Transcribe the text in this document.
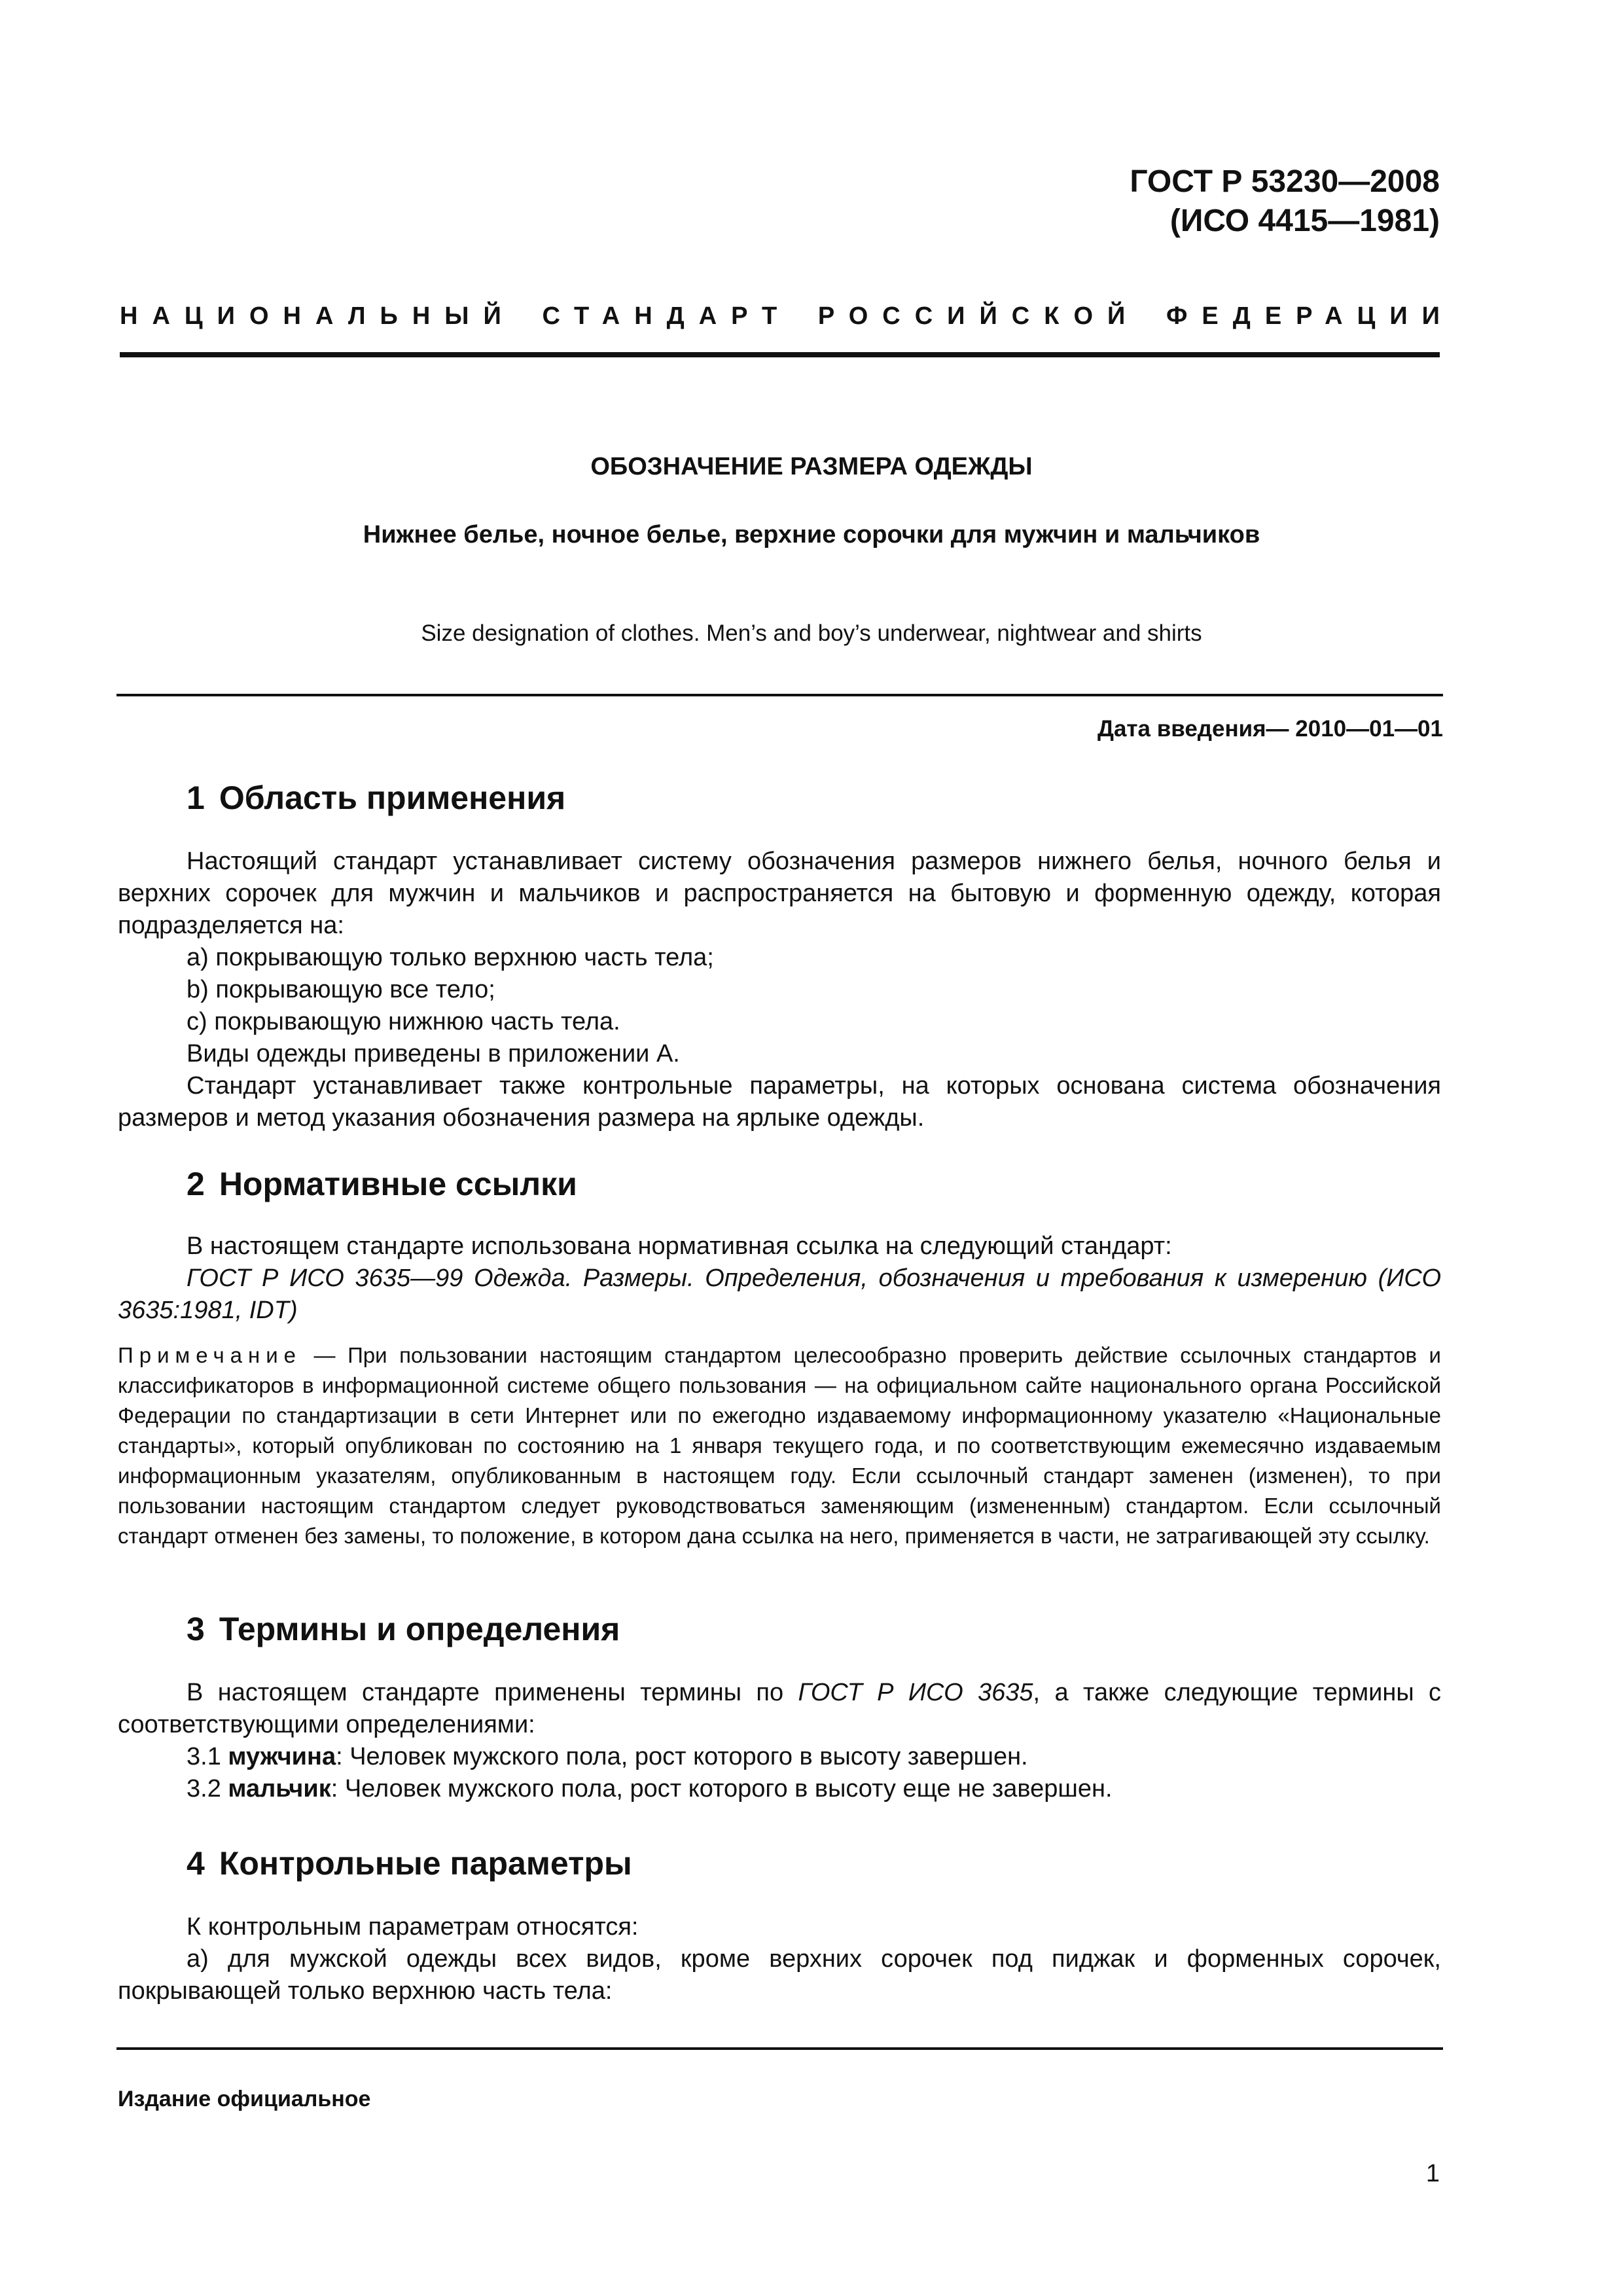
ГОСТ Р 53230—2008
(ИСО 4415—1981)
НАЦИОНАЛЬНЫЙ СТАНДАРТ РОССИЙСКОЙ ФЕДЕРАЦИИ
ОБОЗНАЧЕНИЕ РАЗМЕРА ОДЕЖДЫ
Нижнее белье, ночное белье, верхние сорочки для мужчин и мальчиков
Size designation of clothes. Men’s and boy’s underwear, nightwear and shirts
Дата введения— 2010—01—01
1 Область применения

Настоящий стандарт устанавливает систему обозначения размеров нижнего белья, ночного белья и верхних сорочек для мужчин и мальчиков и распространяется на бытовую и форменную одежду, которая подразделяется на:

a) покрывающую только верхнюю часть тела;

b) покрывающую все тело;

c) покрывающую нижнюю часть тела.

Виды одежды приведены в приложении А.

Стандарт устанавливает также контрольные параметры, на которых основана система обозначения размеров и метод указания обозначения размера на ярлыке одежды.

2 Нормативные ссылки

В настоящем стандарте использована нормативная ссылка на следующий стандарт:

ГОСТ Р ИСО 3635—99 Одежда. Размеры. Определения, обозначения и требования к измерению (ИСО 3635:1981, IDT)

Примечание — При пользовании настоящим стандартом целесообразно проверить действие ссылочных стандартов и классификаторов в информационной системе общего пользования — на официальном сайте национального органа Российской Федерации по стандартизации в сети Интернет или по ежегодно издаваемому информационному указателю «Национальные стандарты», который опубликован по состоянию на 1 января текущего года, и по соответствующим ежемесячно издаваемым информационным указателям, опубликованным в настоящем году. Если ссылочный стандарт заменен (изменен), то при пользовании настоящим стандартом следует руководствоваться заменяющим (измененным) стандартом. Если ссылочный стандарт отменен без замены, то положение, в котором дана ссылка на него, применяется в части, не затрагивающей эту ссылку.
3 Термины и определения

В настоящем стандарте применены термины по ГОСТ Р ИСО 3635, а также следующие термины с соответствующими определениями:

3.1 мужчина: Человек мужского пола, рост которого в высоту завершен.

3.2 мальчик: Человек мужского пола, рост которого в высоту еще не завершен.

4 Контрольные параметры

К контрольным параметрам относятся:

а) для мужской одежды всех видов, кроме верхних сорочек под пиджак и форменных сорочек, покрывающей только верхнюю часть тела:

Издание официальное
1
